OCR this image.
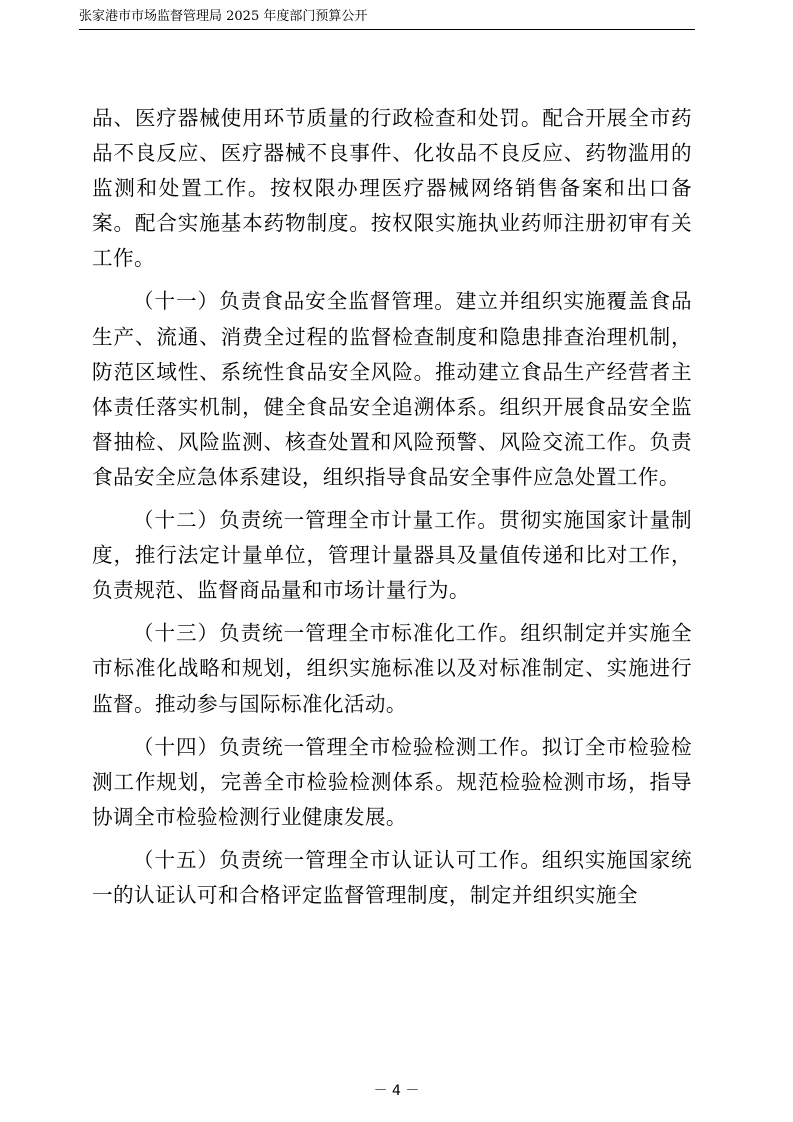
张家港市市场监督管理局 2025 年度部门预算公开

品、医疗器械使用环节质量的行政检查和处罚。配合开展全市药品不良反应、医疗器械不良事件、化妆品不良反应、药物滥用的监测和处置工作。按权限办理医疗器械网络销售备案和出口备案。配合实施基本药物制度。按权限实施执业药师注册初审有关工作。

（十一）负责食品安全监督管理。建立并组织实施覆盖食品生产、流通、消费全过程的监督检查制度和隐患排查治理机制，防范区域性、系统性食品安全风险。推动建立食品生产经营者主体责任落实机制，健全食品安全追溯体系。组织开展食品安全监督抽检、风险监测、核查处置和风险预警、风险交流工作。负责食品安全应急体系建设，组织指导食品安全事件应急处置工作。

（十二）负责统一管理全市计量工作。贯彻实施国家计量制度，推行法定计量单位，管理计量器具及量值传递和比对工作，负责规范、监督商品量和市场计量行为。

（十三）负责统一管理全市标准化工作。组织制定并实施全市标准化战略和规划，组织实施标准以及对标准制定、实施进行监督。推动参与国际标准化活动。

（十四）负责统一管理全市检验检测工作。拟订全市检验检测工作规划，完善全市检验检测体系。规范检验检测市场，指导协调全市检验检测行业健康发展。

（十五）负责统一管理全市认证认可工作。组织实施国家统一的认证认可和合格评定监督管理制度，制定并组织实施全

－ 4 －
